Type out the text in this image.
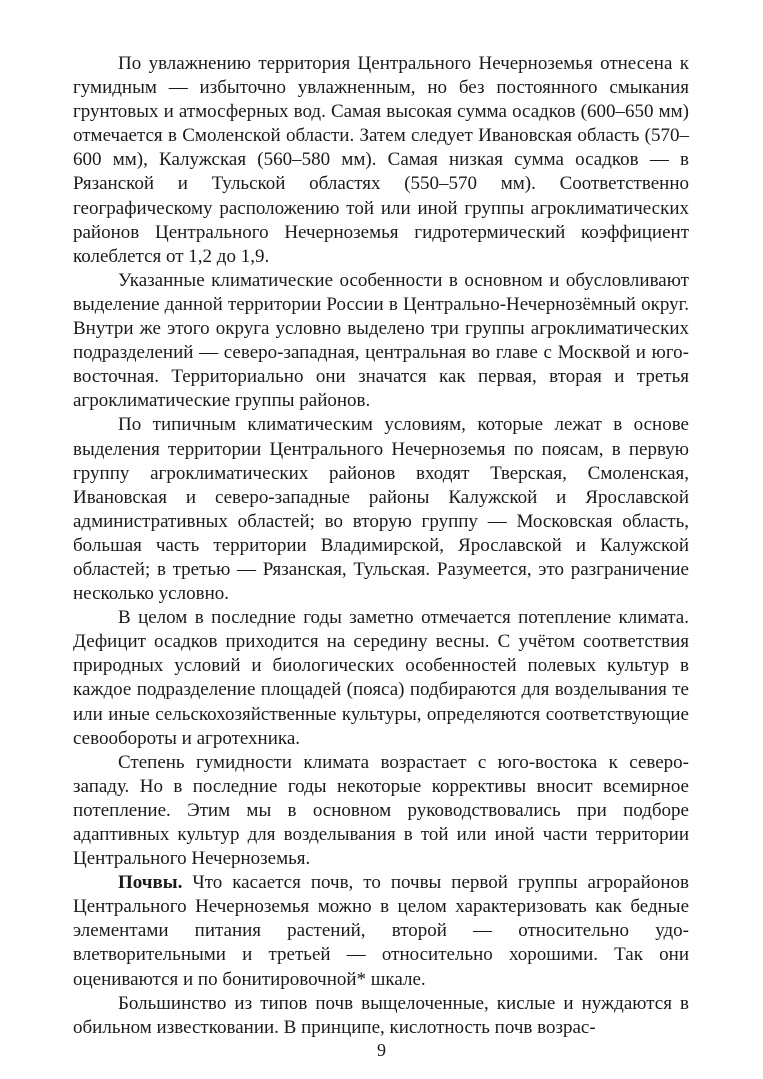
По увлажнению территория Центрального Нечерноземья отнесена к гумидным — избыточно увлажненным, но без постоянного смыкания грунтовых и атмосферных вод. Самая высокая сумма осадков (600–650 мм) отмечается в Смоленской области. Затем следует Ивановская область (570–600 мм), Калужская (560–580 мм). Самая низкая сумма осадков — в Рязанской и Тульской областях (550–570 мм). Соответственно географическому расположению той или иной группы агроклиматических районов Центрального Нечерноземья гидротермический коэффициент колеблется от 1,2 до 1,9.

Указанные климатические особенности в основном и обусловливают выделение данной территории России в Центрально-Нечернозёмный округ. Внутри же этого округа условно выделено три группы агроклиматических подразделений — северо-западная, центральная во главе с Москвой и юго-восточная. Территориально они значатся как первая, вторая и третья агроклиматические группы районов.

По типичным климатическим условиям, которые лежат в основе выделения территории Центрального Нечерноземья по поясам, в первую группу агроклиматических районов входят Тверская, Смоленская, Ивановская и северо-западные районы Калужской и Ярославской административных областей; во вторую группу — Московская область, большая часть территории Владимирской, Ярославской и Калужской областей; в третью — Рязанская, Тульская. Разумеется, это разграничение несколько условно.

В целом в последние годы заметно отмечается потепление климата. Дефицит осадков приходится на середину весны. С учётом соответствия природных условий и биологических особенностей полевых культур в каждое подразделение площадей (пояса) подбираются для возделывания те или иные сельскохозяйственные культуры, определяются соответствующие севообороты и агротехника.

Степень гумидности климата возрастает с юго-востока к северозападу. Но в последние годы некоторые коррективы вносит всемирное потепление. Этим мы в основном руководствовались при подборе адаптивных культур для возделывания в той или иной части территории Центрального Нечерноземья.

Почвы. Что касается почв, то почвы первой группы агрорайонов Центрального Нечерноземья можно в целом характеризовать как бедные элементами питания растений, второй — относительно удовлетворительными и третьей — относительно хорошими. Так они оцениваются и по бонитировочной* шкале.

Большинство из типов почв выщелоченные, кислые и нуждаются в обильном известковании. В принципе, кислотность почв возрас-

9
